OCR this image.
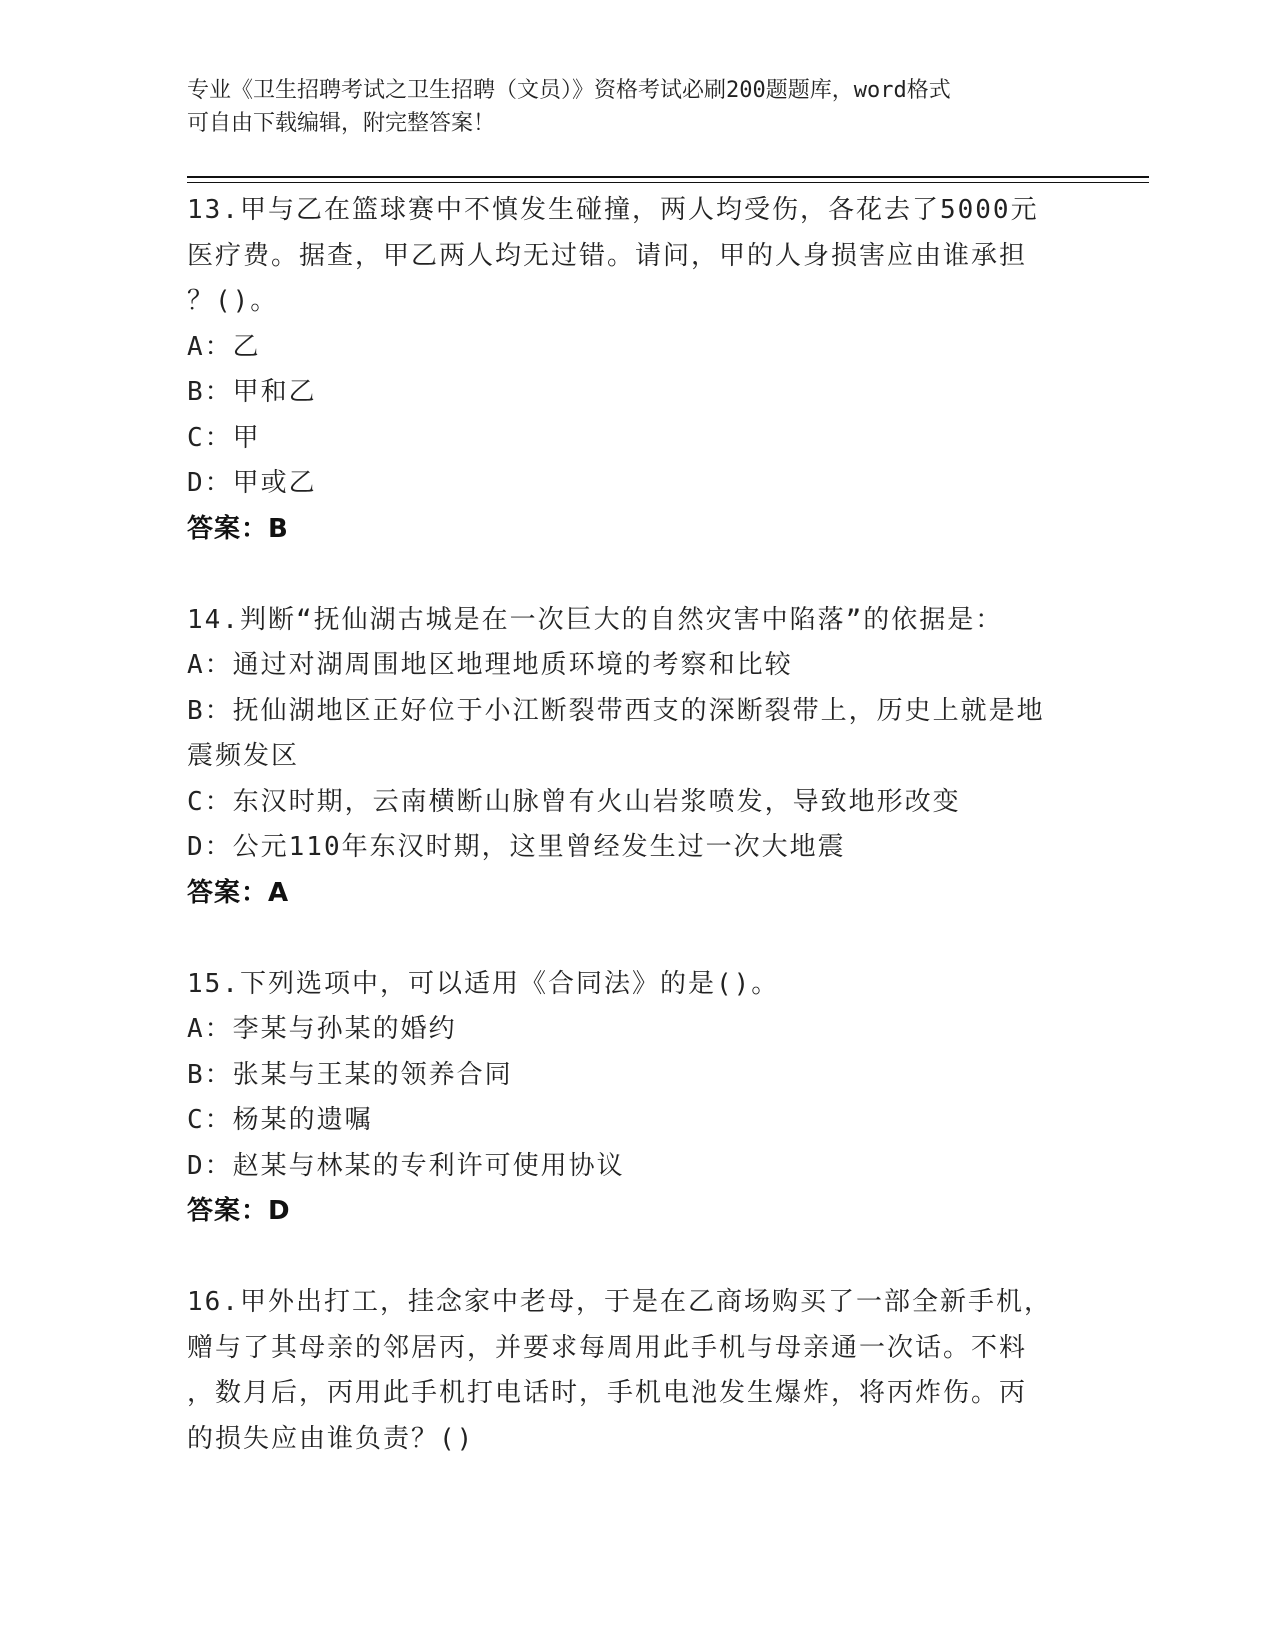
专业《卫生招聘考试之卫生招聘（文员）》资格考试必刷200题题库，word格式
可自由下载编辑，附完整答案！
13.甲与乙在篮球赛中不慎发生碰撞，两人均受伤，各花去了5000元
医疗费。据查，甲乙两人均无过错。请问，甲的人身损害应由谁承担
？()。
A：乙
B：甲和乙
C：甲
D：甲或乙
答案：B
14.判断“抚仙湖古城是在一次巨大的自然灾害中陷落”的依据是：
A：通过对湖周围地区地理地质环境的考察和比较
B：抚仙湖地区正好位于小江断裂带西支的深断裂带上，历史上就是地
震频发区
C：东汉时期，云南横断山脉曾有火山岩浆喷发，导致地形改变
D：公元110年东汉时期，这里曾经发生过一次大地震
答案：A
15.下列选项中，可以适用《合同法》的是()。
A：李某与孙某的婚约
B：张某与王某的领养合同
C：杨某的遗嘱
D：赵某与林某的专利许可使用协议
答案：D
16.甲外出打工，挂念家中老母，于是在乙商场购买了一部全新手机，
赠与了其母亲的邻居丙，并要求每周用此手机与母亲通一次话。不料
，数月后，丙用此手机打电话时，手机电池发生爆炸，将丙炸伤。丙
的损失应由谁负责？()
